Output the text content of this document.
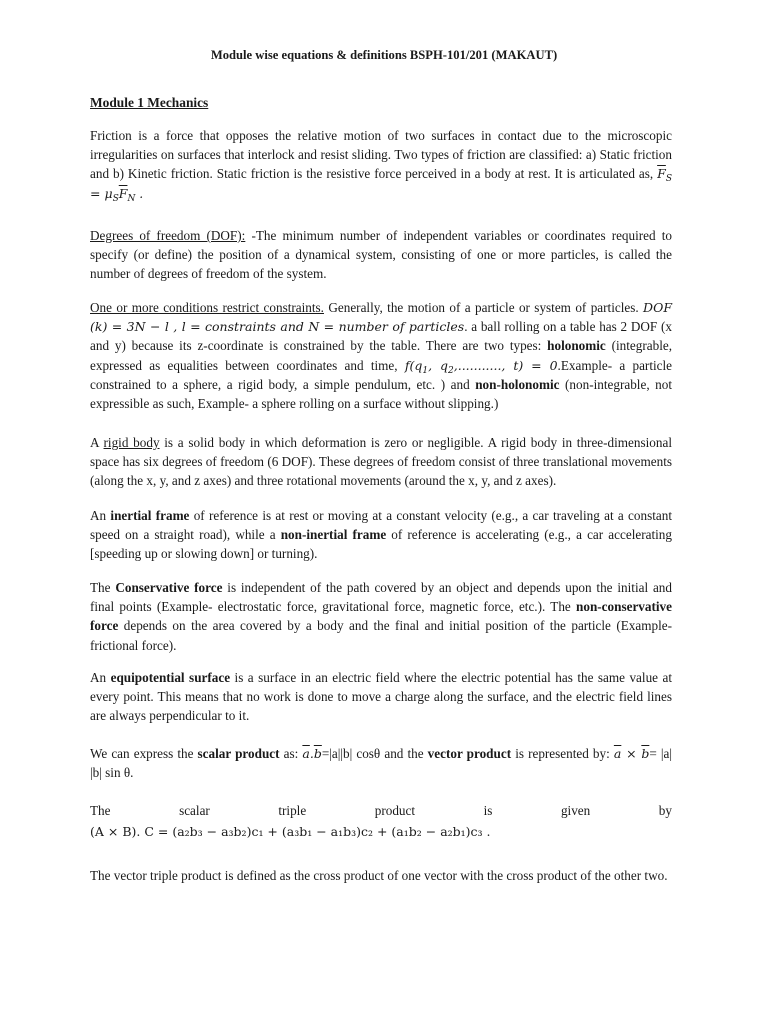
Module wise equations & definitions BSPH-101/201 (MAKAUT)
Module 1 Mechanics
Friction is a force that opposes the relative motion of two surfaces in contact due to the microscopic irregularities on surfaces that interlock and resist sliding. Two types of friction are classified: a) Static friction and b) Kinetic friction. Static friction is the resistive force perceived in a body at rest. It is articulated as, $\overline{F}_S = \mu_S\overline{F}_N$ .
Degrees of freedom (DOF): -The minimum number of independent variables or coordinates required to specify (or define) the position of a dynamical system, consisting of one or more particles, is called the number of degrees of freedom of the system.
One or more conditions restrict constraints. Generally, the motion of a particle or system of particles. DOF (k) = 3N − l , l = constraints and N = number of particles. a ball rolling on a table has 2 DOF (x and y) because its z-coordinate is constrained by the table. There are two types: holonomic (integrable, expressed as equalities between coordinates and time, $f(q_1$, $q_2$,..........., t) = 0.Example- a particle constrained to a sphere, a rigid body, a simple pendulum, etc. ) and non-holonomic (non-integrable, not expressible as such, Example- a sphere rolling on a surface without slipping.)
A rigid body is a solid body in which deformation is zero or negligible. A rigid body in three-dimensional space has six degrees of freedom (6 DOF). These degrees of freedom consist of three translational movements (along the x, y, and z axes) and three rotational movements (around the x, y, and z axes).
An inertial frame of reference is at rest or moving at a constant velocity (e.g., a car traveling at a constant speed on a straight road), while a non-inertial frame of reference is accelerating (e.g., a car accelerating [speeding up or slowing down] or turning).
The Conservative force is independent of the path covered by an object and depends upon the initial and final points (Example- electrostatic force, gravitational force, magnetic force, etc.). The non-conservative force depends on the area covered by a body and the final and initial position of the particle (Example- frictional force).
An equipotential surface is a surface in an electric field where the electric potential has the same value at every point. This means that no work is done to move a charge along the surface, and the electric field lines are always perpendicular to it.
We can express the scalar product as: $\overline{a}.\overline{b}=|a||b|$ cosθ and the vector product is represented by: $\overline{a} \times \overline{b}= |a|$ |b| sin θ.
The	scalar	triple	product	is	given	by
(A × B). C = (a₂b₃ − a₃b₂)c₁ + (a₃b₁ − a₁b₃)c₂ + (a₁b₂ − a₂b₁)c₃ .
The vector triple product is defined as the cross product of one vector with the cross product of the other two.
